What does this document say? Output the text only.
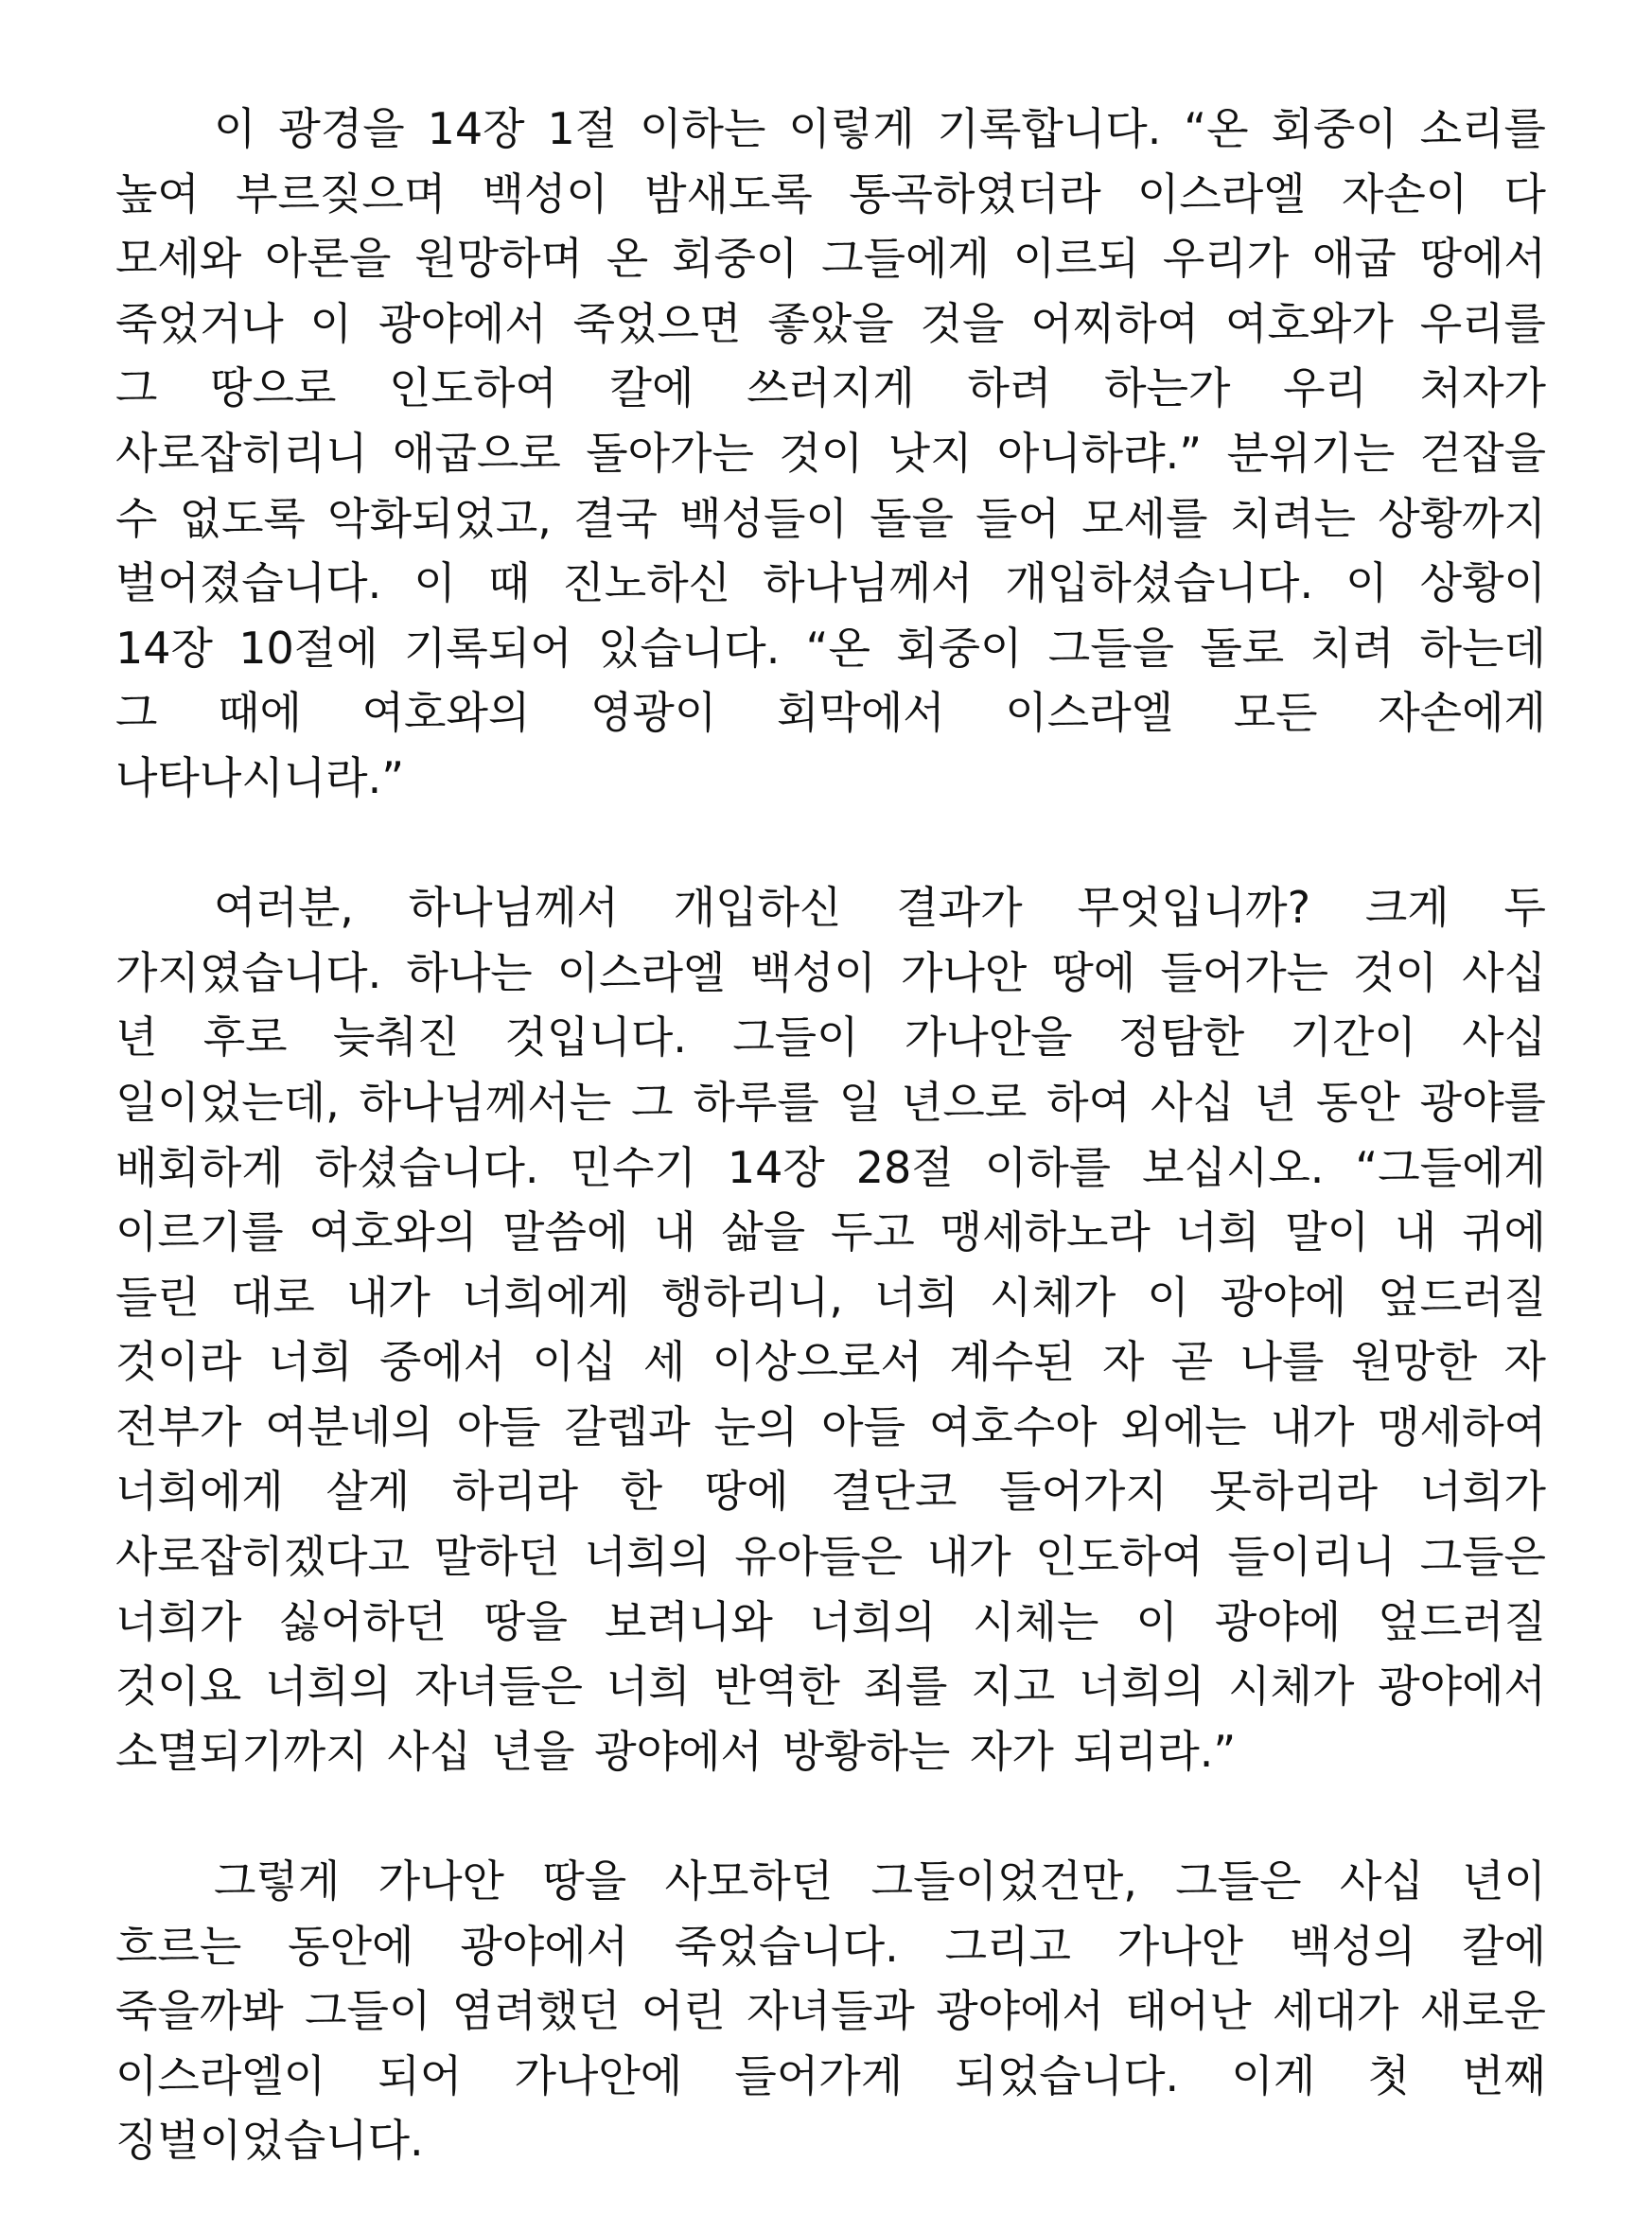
이 광경을 14장 1절 이하는 이렇게 기록합니다. “온 회중이 소리를 높여 부르짖으며 백성이 밤새도록 통곡하였더라 이스라엘 자손이 다 모세와 아론을 원망하며 온 회중이 그들에게 이르되 우리가 애굽 땅에서 죽었거나 이 광야에서 죽었으면 좋았을 것을 어찌하여 여호와가 우리를 그 땅으로 인도하여 칼에 쓰러지게 하려 하는가 우리 처자가 사로잡히리니 애굽으로 돌아가는 것이 낫지 아니하랴.” 분위기는 걷잡을 수 없도록 악화되었고, 결국 백성들이 돌을 들어 모세를 치려는 상황까지 벌어졌습니다. 이 때 진노하신 하나님께서 개입하셨습니다. 이 상황이 14장 10절에 기록되어 있습니다. “온 회중이 그들을 돌로 치려 하는데 그 때에 여호와의 영광이 회막에서 이스라엘 모든 자손에게 나타나시니라.”

여러분, 하나님께서 개입하신 결과가 무엇입니까? 크게 두 가지였습니다. 하나는 이스라엘 백성이 가나안 땅에 들어가는 것이 사십 년 후로 늦춰진 것입니다. 그들이 가나안을 정탐한 기간이 사십 일이었는데, 하나님께서는 그 하루를 일 년으로 하여 사십 년 동안 광야를 배회하게 하셨습니다. 민수기 14장 28절 이하를 보십시오. “그들에게 이르기를 여호와의 말씀에 내 삶을 두고 맹세하노라 너희 말이 내 귀에 들린 대로 내가 너희에게 행하리니, 너희 시체가 이 광야에 엎드러질 것이라 너희 중에서 이십 세 이상으로서 계수된 자 곧 나를 원망한 자 전부가 여분네의 아들 갈렙과 눈의 아들 여호수아 외에는 내가 맹세하여 너희에게 살게 하리라 한 땅에 결단코 들어가지 못하리라 너희가 사로잡히겠다고 말하던 너희의 유아들은 내가 인도하여 들이리니 그들은 너희가 싫어하던 땅을 보려니와 너희의 시체는 이 광야에 엎드러질 것이요 너희의 자녀들은 너희 반역한 죄를 지고 너희의 시체가 광야에서 소멸되기까지 사십 년을 광야에서 방황하는 자가 되리라.”

그렇게 가나안 땅을 사모하던 그들이었건만, 그들은 사십 년이 흐르는 동안에 광야에서 죽었습니다. 그리고 가나안 백성의 칼에 죽을까봐 그들이 염려했던 어린 자녀들과 광야에서 태어난 세대가 새로운 이스라엘이 되어 가나안에 들어가게 되었습니다. 이게 첫 번째 징벌이었습니다.
